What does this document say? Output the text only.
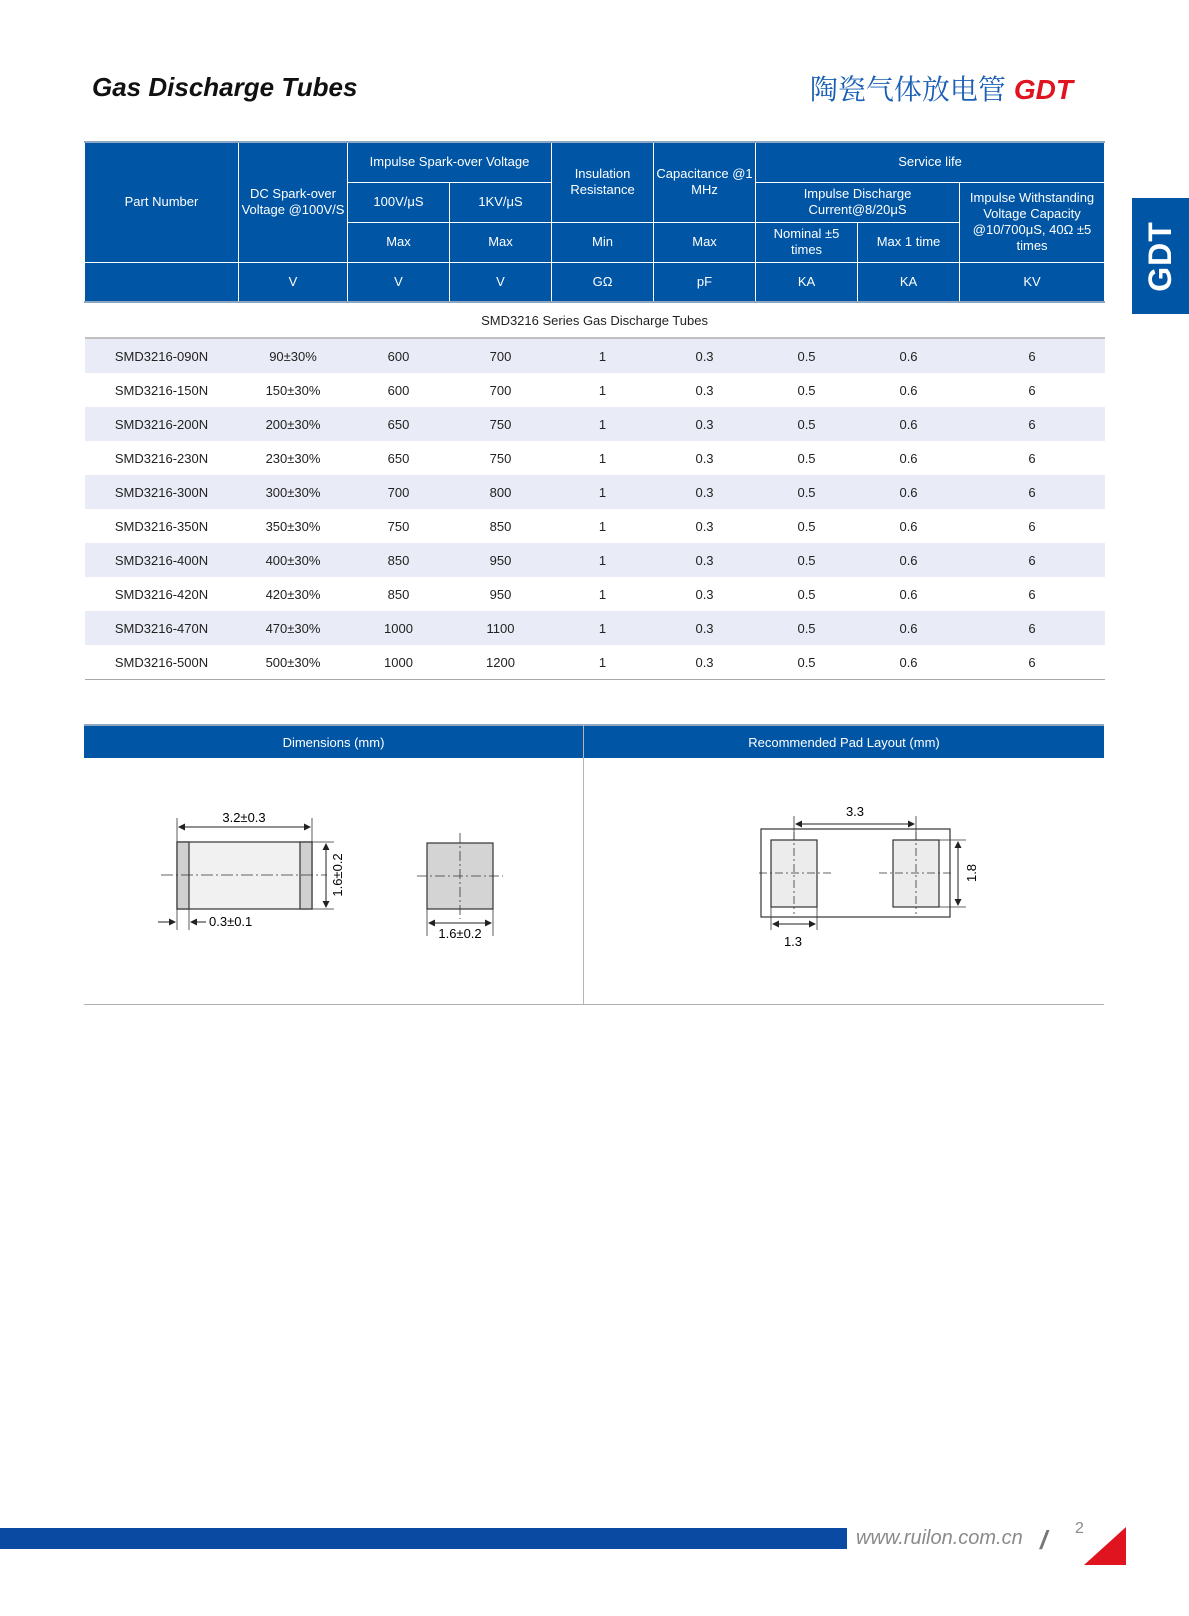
Gas Discharge Tubes	陶瓷气体放电管 GDT
GDT
Part Number	DC Spark-over Voltage @100V/S	Impulse Spark-over Voltage		Insulation Resistance	Capacitance @1 MHz	Service life		
		100V/μS	1KV/μS			Impulse Discharge Current@8/20μS		Impulse Withstanding Voltage Capacity @10/700μS, 40Ω ±5 times
		Max	Max	Min	Max	Nominal ±5 times	Max 1 time	
	V	V	V	GΩ	pF	KA	KA	KV
SMD3216 Series Gas Discharge Tubes								
SMD3216-090N	90±30%	600	700	1	0.3	0.5	0.6	6
SMD3216-150N	150±30%	600	700	1	0.3	0.5	0.6	6
SMD3216-200N	200±30%	650	750	1	0.3	0.5	0.6	6
SMD3216-230N	230±30%	650	750	1	0.3	0.5	0.6	6
SMD3216-300N	300±30%	700	800	1	0.3	0.5	0.6	6
SMD3216-350N	350±30%	750	850	1	0.3	0.5	0.6	6
SMD3216-400N	400±30%	850	950	1	0.3	0.5	0.6	6
SMD3216-420N	420±30%	850	950	1	0.3	0.5	0.6	6
SMD3216-470N	470±30%	1000	1100	1	0.3	0.5	0.6	6
SMD3216-500N	500±30%	1000	1200	1	0.3	0.5	0.6	6
Dimensions (mm)	Recommended Pad Layout (mm)
3.2±0.3
1.6±0.2
0.3±0.1
1.6±0.2
3.3
1.8
1.3
www.ruilon.com.cn / 2
